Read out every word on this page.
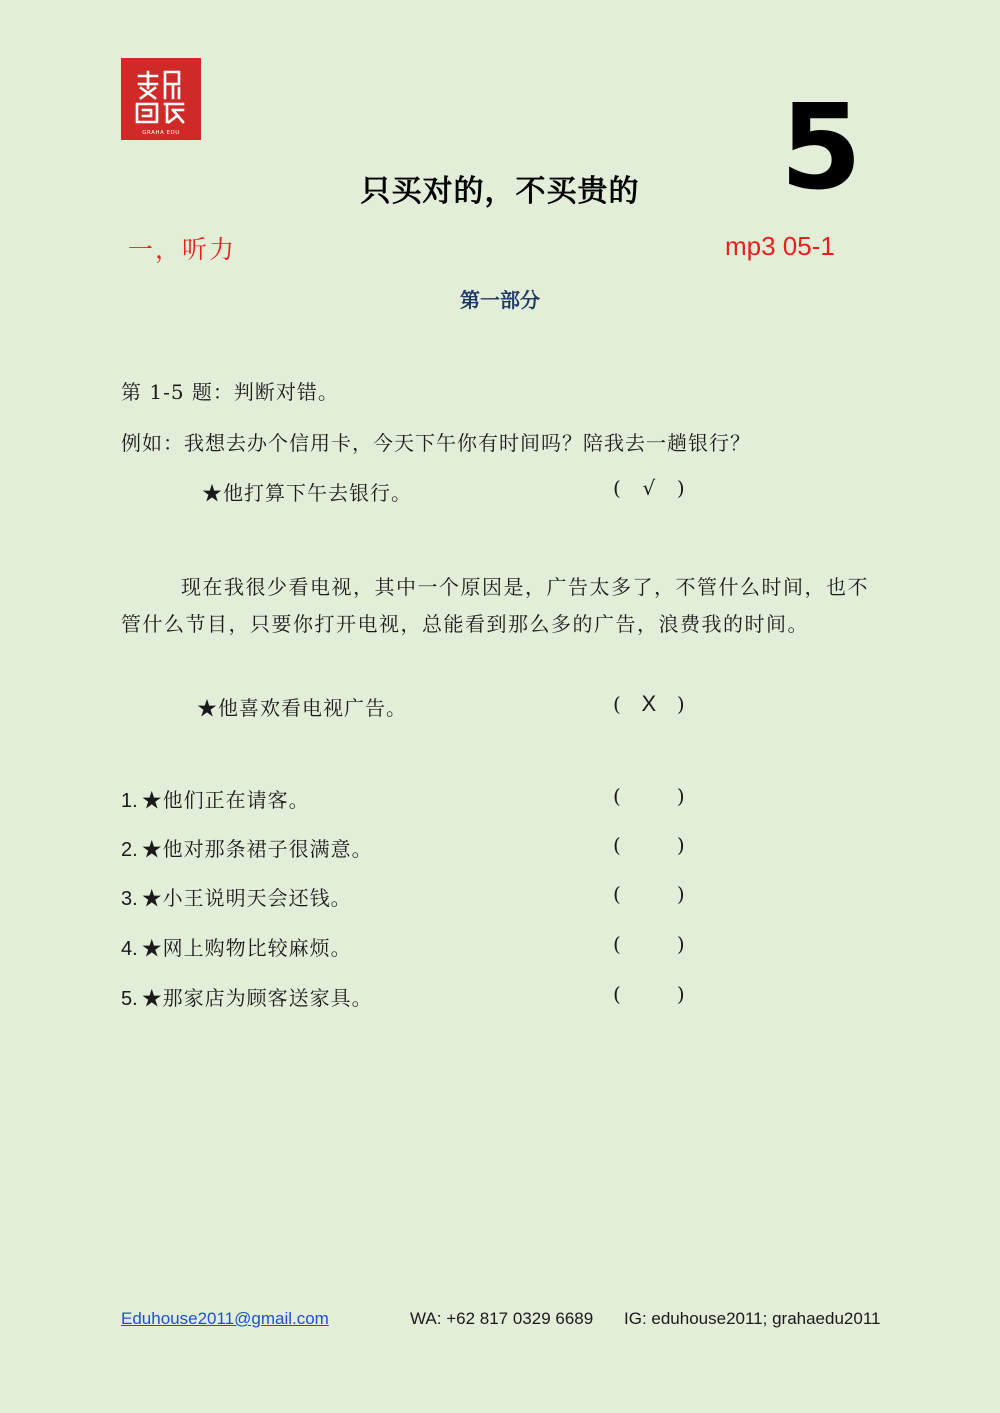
GRAHA EDU	5
只买对的，不买贵的
一，听力	mp3 05-1
第一部分
第 1-5 题：判断对错。
例如：我想去办个信用卡，今天下午你有时间吗？陪我去一趟银行？
★他打算下午去银行。	( √ )
现在我很少看电视，其中一个原因是，广告太多了，不管什么时间，也不管什么节目，只要你打开电视，总能看到那么多的广告，浪费我的时间。
★他喜欢看电视广告。	( X )
1. ★他们正在请客。	(	)
2. ★他对那条裙子很满意。	(	)
3. ★小王说明天会还钱。	(	)
4. ★网上购物比较麻烦。	(	)
5. ★那家店为顾客送家具。	(	)
Eduhouse2011@gmail.com	WA: +62 817 0329 6689 IG: eduhouse2011; grahaedu2011
